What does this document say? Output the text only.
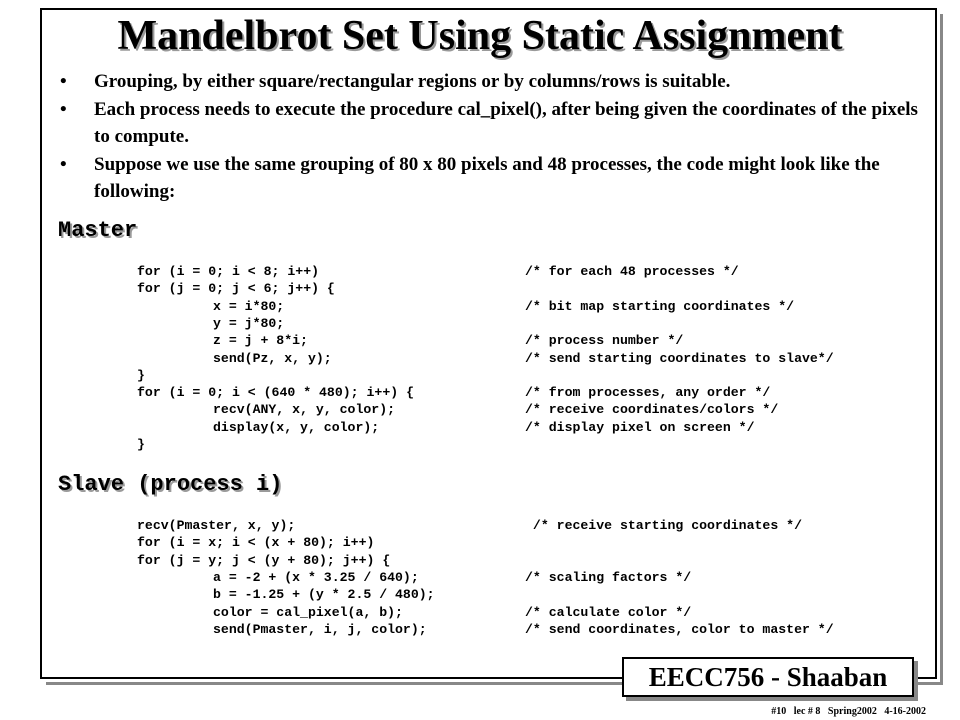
Mandelbrot Set Using Static Assignment
• Grouping, by either square/rectangular regions or by columns/rows is suitable.
• Each process needs to execute the procedure cal_pixel(), after being given the coordinates of the pixels to compute.
• Suppose we use the same grouping of 80 x 80 pixels and 48 processes, the code might look like the following:
Master
for (i = 0; i < 8; i++)	/* for each 48 processes */
for (j = 0; j < 6; j++) {
x = i*80;	/* bit map starting coordinates */
y = j*80;
z = j + 8*i;	/* process number */
send(Pz, x, y);	/* send starting coordinates to slave*/
}
for (i = 0; i < (640 * 480); i++) {	/* from processes, any order */
recv(ANY, x, y, color);	/* receive coordinates/colors */
display(x, y, color);	/* display pixel on screen */
}
Slave (process i)
recv(Pmaster, x, y);	/* receive starting coordinates */
for (i = x; i < (x + 80); i++)
for (j = y; j < (y + 80); j++) {
a = -2 + (x * 3.25 / 640);	/* scaling factors */
b = -1.25 + (y * 2.5 / 480);
color = cal_pixel(a, b);	/* calculate color */
send(Pmaster, i, j, color);	/* send coordinates, color to master */
EECC756 - Shaaban
#10   lec # 8   Spring2002   4-16-2002
